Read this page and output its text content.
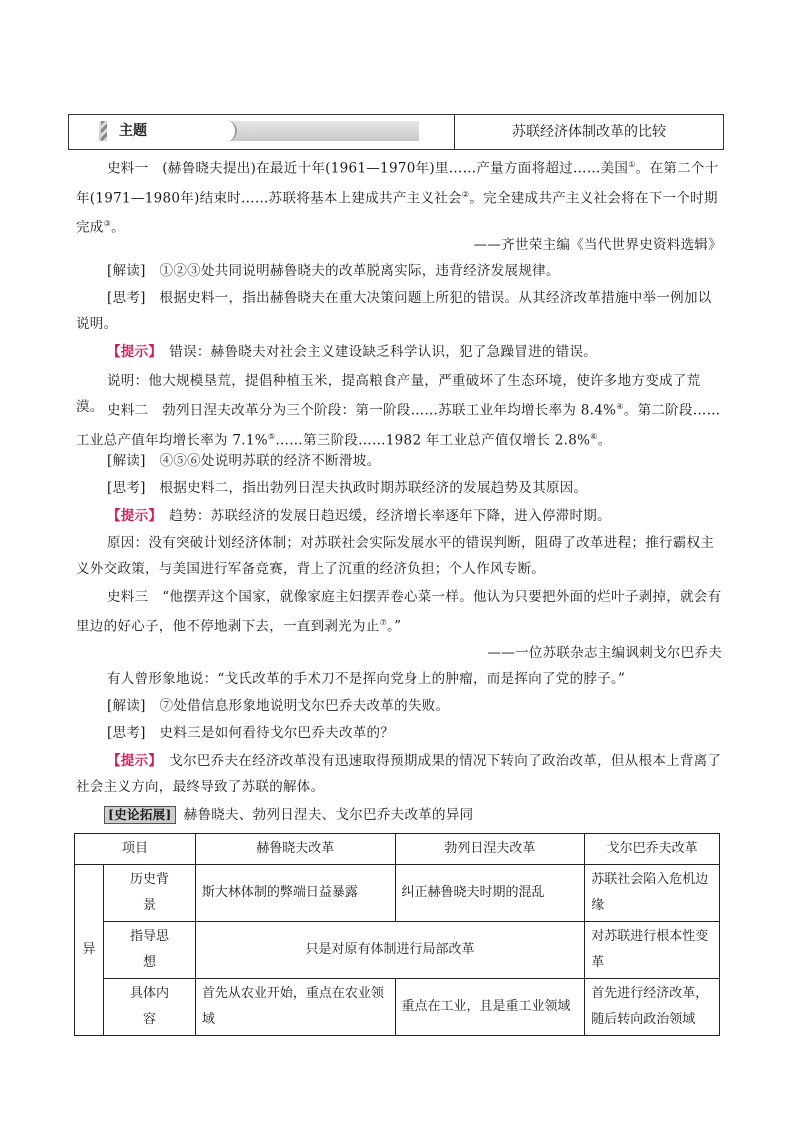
主题	苏联经济体制改革的比较

史料一　(赫鲁晓夫提出)在最近十年(1961—1970年)里……产量方面将超过……美国①。在第二个十年(1971—1980年)结束时……苏联将基本上建成共产主义社会②。完全建成共产主义社会将在下一个时期完成③。

——齐世荣主编《当代世界史资料选辑》

[解读]　 ①②③处共同说明赫鲁晓夫的改革脱离实际，违背经济发展规律。

[思考]　 根据史料一，指出赫鲁晓夫在重大决策问题上所犯的错误。从其经济改革措施中举一例加以说明。

【提示】　 错误：赫鲁晓夫对社会主义建设缺乏科学认识，犯了急躁冒进的错误。

说明：他大规模垦荒，提倡种植玉米，提高粮食产量，严重破坏了生态环境，使许多地方变成了荒漠。 史料二　勃列日涅夫改革分为三个阶段：第一阶段……苏联工业年均增长率为 8.4%④。第二阶段……工业总产值年均增长率为 7.1%⑤……第三阶段……1982 年工业总产值仅增长 2.8%⑥。

[解读]　 ④⑤⑥处说明苏联的经济不断滑坡。

[思考]　 根据史料二，指出勃列日涅夫执政时期苏联经济的发展趋势及其原因。

【提示】　 趋势：苏联经济的发展日趋迟缓，经济增长率逐年下降，进入停滞时期。

原因：没有突破计划经济体制；对苏联社会实际发展水平的错误判断，阻碍了改革进程；推行霸权主义外交政策，与美国进行军备竞赛，背上了沉重的经济负担；个人作风专断。

史料三　“他摆弄这个国家，就像家庭主妇摆弄卷心菜一样。他认为只要把外面的烂叶子剥掉，就会有里边的好心子，他不停地剥下去，一直到剥光为止⑦。”

——一位苏联杂志主编讽刺戈尔巴乔夫

有人曾形象地说：“戈氏改革的手术刀不是挥向党身上的肿瘤，而是挥向了党的脖子。”

[解读]　 ⑦处借信息形象地说明戈尔巴乔夫改革的失败。

[思考]　 史料三是如何看待戈尔巴乔夫改革的？

【提示】　 戈尔巴乔夫在经济改革没有迅速取得预期成果的情况下转向了政治改革，但从根本上背离了社会主义方向，最终导致了苏联的解体。

[史论拓展] 赫鲁晓夫、勃列日涅夫、戈尔巴乔夫改革的异同

项目		赫鲁晓夫改革	勃列日涅夫改革	戈尔巴乔夫改革
异	历史背景	斯大林体制的弊端日益暴露	纠正赫鲁晓夫时期的混乱	苏联社会陷入危机边缘
	指导思想	只是对原有体制进行局部改革		对苏联进行根本性变革
	具体内容	首先从农业开始，重点在农业领域	重点在工业，且是重工业领域	首先进行经济改革，随后转向政治领域
